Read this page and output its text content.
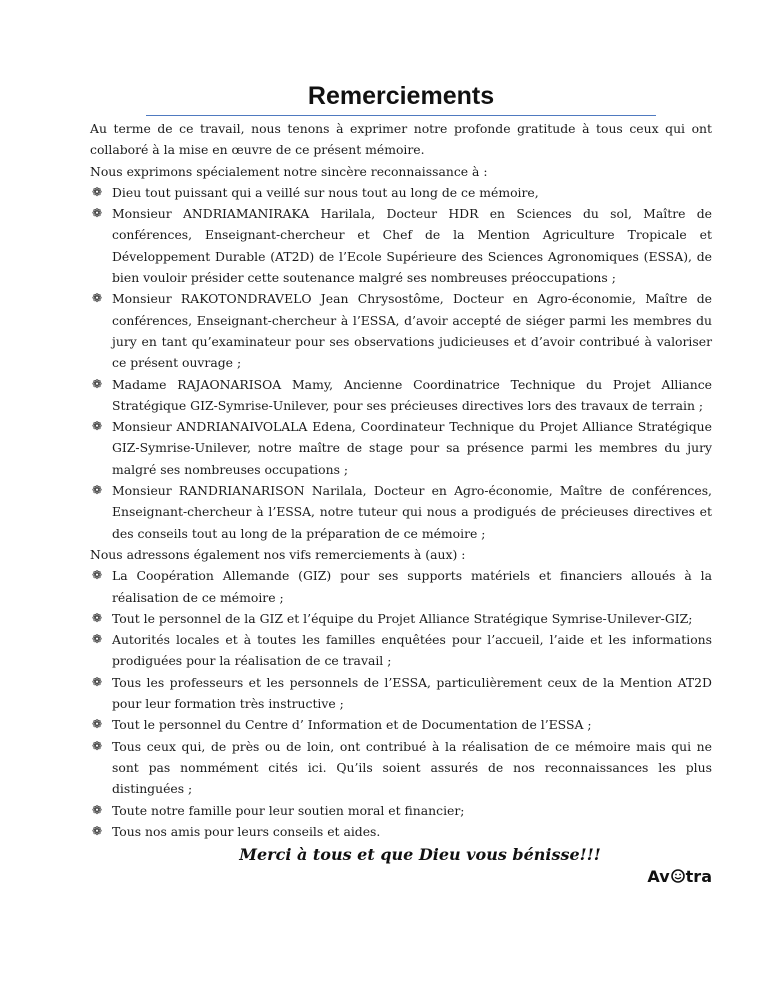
Remerciements

Au terme de ce travail, nous tenons à exprimer notre profonde gratitude à tous ceux qui ont collaboré à la mise en œuvre de ce présent mémoire.

Nous exprimons spécialement notre sincère reconnaissance à :

❁ Dieu tout puissant qui a veillé sur nous tout au long de ce mémoire,
❁ Monsieur ANDRIAMANIRAKA Harilala, Docteur HDR en Sciences du sol, Maître de conférences, Enseignant-chercheur et Chef de la Mention Agriculture Tropicale et Développement Durable (AT2D) de l’Ecole Supérieure des Sciences Agronomiques (ESSA), de bien vouloir présider cette soutenance malgré ses nombreuses préoccupations ;
❁ Monsieur RAKOTONDRAVELO Jean Chrysostôme, Docteur en Agro-économie, Maître de conférences, Enseignant-chercheur à l’ESSA, d’avoir accepté de siéger parmi les membres du jury en tant qu’examinateur pour ses observations judicieuses et d’avoir contribué à valoriser ce présent ouvrage ;
❁ Madame RAJAONARISOA Mamy, Ancienne Coordinatrice Technique du Projet Alliance Stratégique GIZ-Symrise-Unilever, pour ses précieuses directives lors des travaux de terrain ;
❁ Monsieur ANDRIANAIVOLALA Edena, Coordinateur Technique du Projet Alliance Stratégique GIZ-Symrise-Unilever, notre maître de stage pour sa présence parmi les membres du jury malgré ses nombreuses occupations ;
❁ Monsieur RANDRIANARISON Narilala, Docteur en Agro-économie, Maître de conférences, Enseignant-chercheur à l’ESSA, notre tuteur qui nous a prodigués de précieuses directives et des conseils tout au long de la préparation de ce mémoire ;

Nous adressons également nos vifs remerciements à (aux) :

❁ La Coopération Allemande (GIZ) pour ses supports matériels et financiers alloués à la réalisation de ce mémoire ;
❁ Tout le personnel de la GIZ et l’équipe du Projet Alliance Stratégique Symrise-Unilever-GIZ;
❁ Autorités locales et à toutes les familles enquêtées pour l’accueil, l’aide et les informations prodiguées pour la réalisation de ce travail ;
❁ Tous les professeurs et les personnels de l’ESSA, particulièrement ceux de la Mention AT2D pour leur formation très instructive ;
❁ Tout le personnel du Centre d’ Information et de Documentation de l’ESSA ;
❁ Tous ceux qui, de près ou de loin, ont contribué à la réalisation de ce mémoire mais qui ne sont pas nommément cités ici. Qu’ils soient assurés de nos reconnaissances les plus distinguées ;
❁ Toute notre famille pour leur soutien moral et financier;
❁ Tous nos amis pour leurs conseils et aides.
Merci à tous et que Dieu vous bénisse!!!
Av tra
